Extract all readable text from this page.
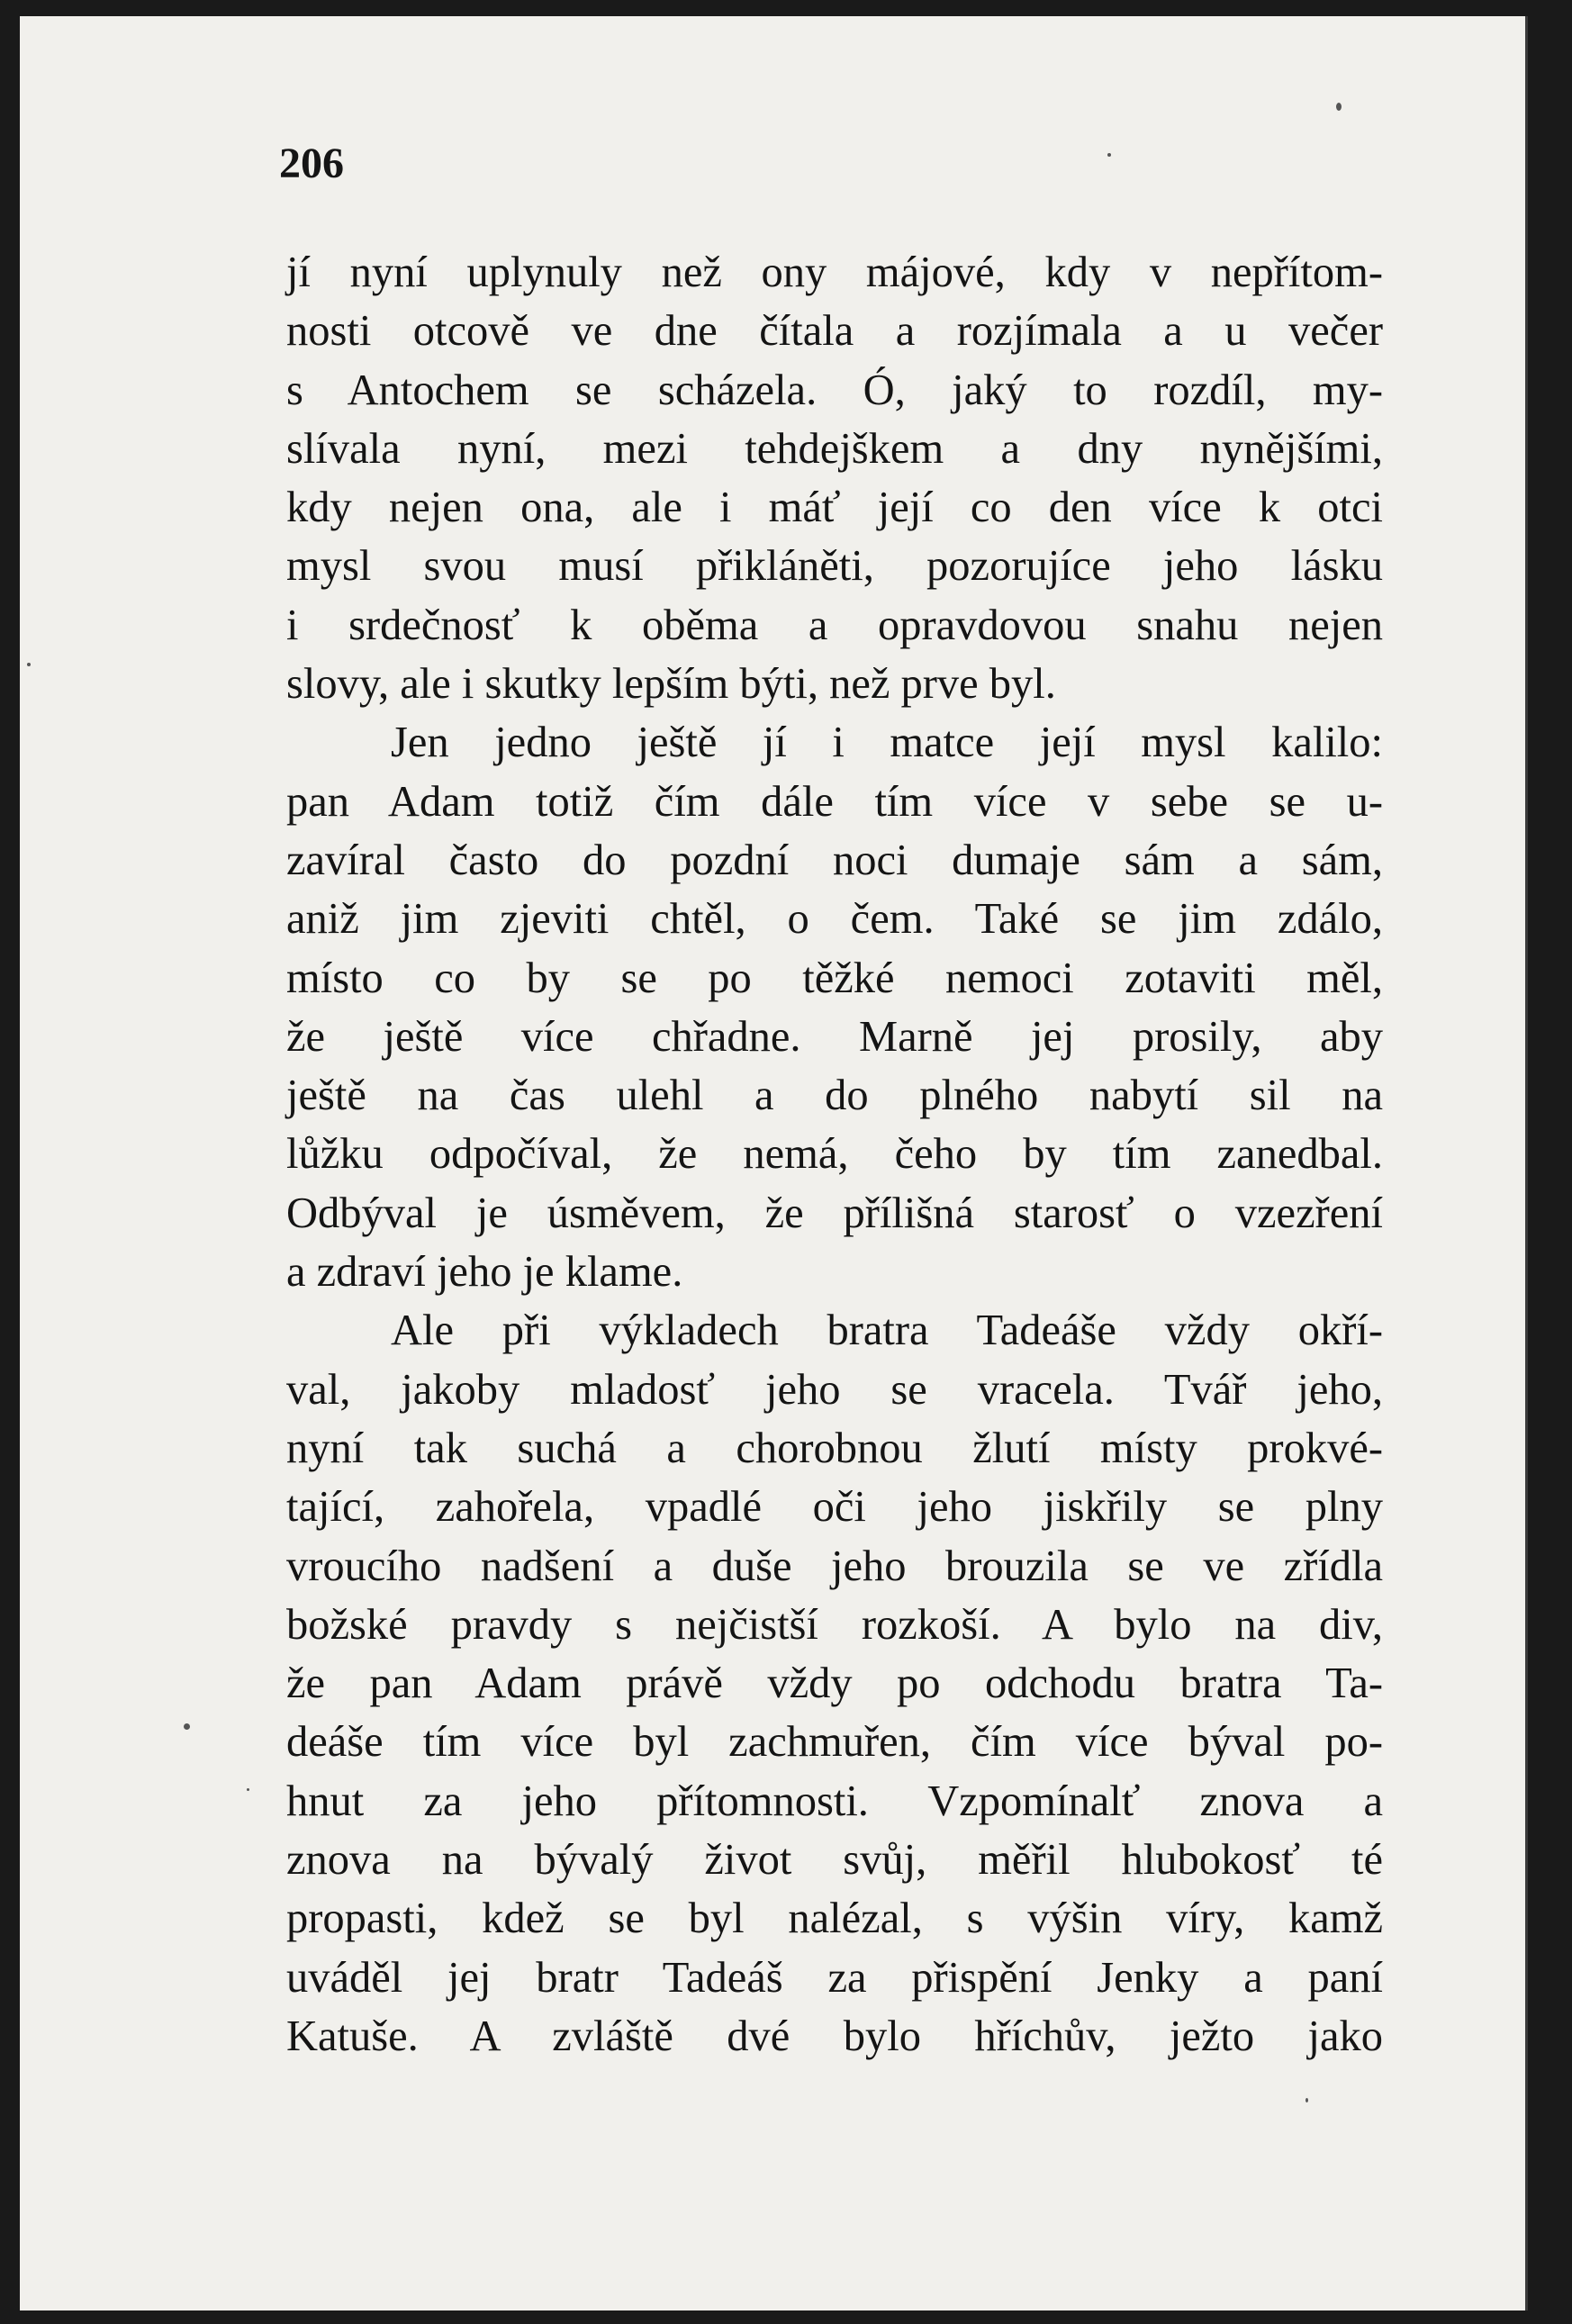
206
jí nyní uplynuly než ony májové, kdy v nepřítom-
nosti otcově ve dne čítala a rozjímala a u večer
s Antochem se scházela. Ó, jaký to rozdíl, my-
slívala nyní, mezi tehdejškem a dny nynějšími,
kdy nejen ona, ale i máť její co den více k otci
mysl svou musí přikláněti, pozorujíce jeho lásku
i srdečnosť k oběma a opravdovou snahu nejen
slovy, ale i skutky lepším býti, než prve byl.
Jen jedno ještě jí i matce její mysl kalilo:
pan Adam totiž čím dále tím více v sebe se u-
zavíral často do pozdní noci dumaje sám a sám,
aniž jim zjeviti chtěl, o čem. Také se jim zdálo,
místo co by se po těžké nemoci zotaviti měl,
že ještě více chřadne. Marně jej prosily, aby
ještě na čas ulehl a do plného nabytí sil na
lůžku odpočíval, že nemá, čeho by tím zanedbal.
Odbýval je úsměvem, že přílišná starosť o vzezření
a zdraví jeho je klame.
Ale při výkladech bratra Tadeáše vždy okří-
val, jakoby mladosť jeho se vracela. Tvář jeho,
nyní tak suchá a chorobnou žlutí místy prokvé-
tající, zahořela, vpadlé oči jeho jiskřily se plny
vroucího nadšení a duše jeho brouzila se ve zřídla
božské pravdy s nejčistší rozkoší. A bylo na div,
že pan Adam právě vždy po odchodu bratra Ta-
deáše tím více byl zachmuřen, čím více býval po-
hnut za jeho přítomnosti. Vzpomínalť znova a
znova na bývalý život svůj, měřil hlubokosť té
propasti, kdež se byl nalézal, s výšin víry, kamž
uváděl jej bratr Tadeáš za přispění Jenky a paní
Katuše. A zvláště dvé bylo hříchův, ježto jako
